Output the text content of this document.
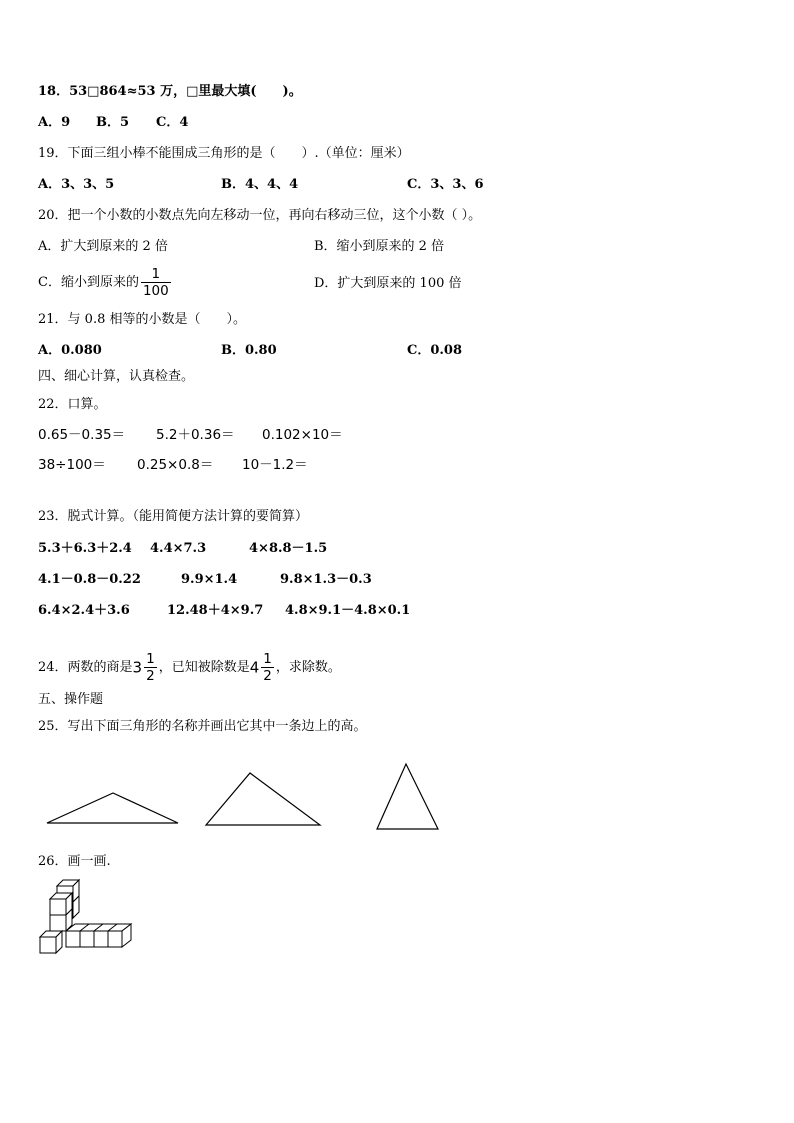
18．53□864≈53 万，□里最大填(　　)。
A．9 B．5 C．4
19．下面三组小棒不能围成三角形的是（　　）.（单位：厘米）
A．3、3、5	B．4、4、4	C．3、3、6
20．把一个小数的小数点先向左移动一位，再向右移动三位，这个小数（ ）。
A．扩大到原来的 2 倍	B．缩小到原来的 2 倍
C．缩小到原来的 $\frac{1}{100}$	D．扩大到原来的 100 倍
21．与 0.8 相等的小数是（　　）。
A．0.080	B．0.80	C．0.08
四、细心计算，认真检查。
22．口算。
0.65－0.35＝ 5.2＋0.36＝ 0.102×10＝
38÷100＝ 0.25×0.8＝ 10－1.2＝
23．脱式计算。（能用简便方法计算的要简算）
5.3＋6.3＋2.4 4.4×7.3	4×8.8－1.5
4.1－0.8－0.22	9.9×1.4	9.8×1.3－0.3
6.4×2.4＋3.6	12.48＋4×9.7 4.8×9.1－4.8×0.1
24．两数的商是$3 \frac{1}{2}$ ，已知被除数是$4 \frac{1}{2}$ ，求除数。
五、操作题
25．写出下面三角形的名称并画出它其中一条边上的高。
26．画一画.
